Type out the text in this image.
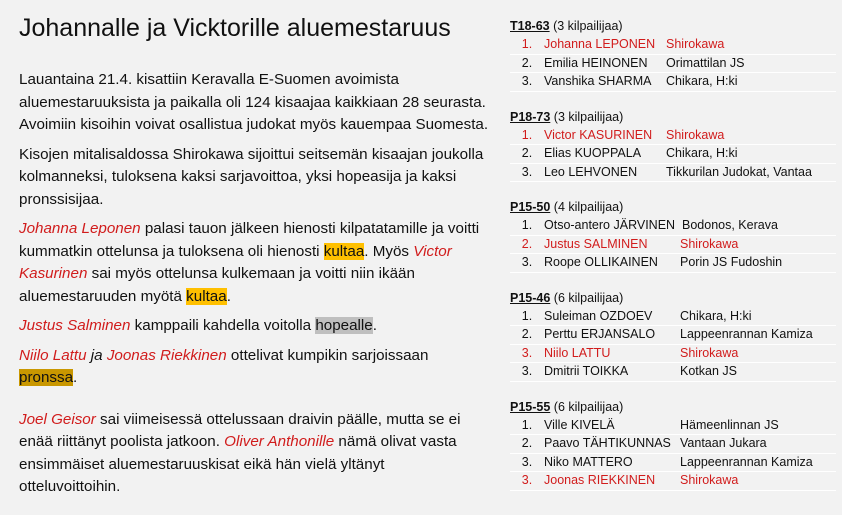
Johannalle ja Vicktorille aluemestaruus

Lauantaina 21.4. kisattiin Keravalla E-Suomen avoimista aluemestaruuksista ja paikalla oli 124 kisaajaa kaikkiaan 28 seurasta. Avoimiin kisoihin voivat osallistua judokat myös kauempaa Suomesta.

Kisojen mitalisaldossa Shirokawa sijoittui seitsemän kisaajan joukolla kolmanneksi, tuloksena kaksi sarjavoittoa, yksi hopeasija ja kaksi pronssisijaa.

Johanna Leponen palasi tauon jälkeen hienosti kilpatatamille ja voitti kummatkin ottelunsa ja tuloksena oli hienosti kultaa. Myös Victor Kasurinen sai myös ottelunsa kulkemaan ja voitti niin ikään aluemestaruuden myötä kultaa.

Justus Salminen kamppaili kahdella voitolla hopealle.

Niilo Lattu ja Joonas Riekkinen ottelivat kumpikin sarjoissaan pronssa.

Joel Geisor sai viimeisessä ottelussaan draivin päälle, mutta se ei enää riittänyt poolista jatkoon. Oliver Anthonille nämä olivat vasta ensimmäiset aluemestaruuskisat eikä hän vielä yltänyt otteluvoittoihin.

T18-63 (3 kilpailijaa)
1. Johanna LEPONEN Shirokawa
2. Emilia HEINONEN	Orimattilan JS
3. Vanshika SHARMA	Chikara, H:ki
P18-73 (3 kilpailijaa)
1. Victor KASURINEN	Shirokawa
2. Elias KUOPPALA	Chikara, H:ki
3. Leo LEHVONEN	Tikkurilan Judokat, Vantaa
P15-50 (4 kilpailijaa)
1. Otso-antero JÄRVINEN Bodonos, Kerava
2. Justus SALMINEN	Shirokawa
3. Roope OLLIKAINEN	Porin JS Fudoshin
P15-46 (6 kilpailijaa)
1. Suleiman OZDOEV	Chikara, H:ki
2. Perttu ERJANSALO	Lappeenrannan Kamiza
3. Niilo LATTU	Shirokawa
3. Dmitrii TOIKKA	Kotkan JS
P15-55 (6 kilpailijaa)
1. Ville KIVELÄ	Hämeenlinnan JS
2. Paavo TÄHTIKUNNAS Vantaan Jukara
3. Niko MATTERO	Lappeenrannan Kamiza
3. Joonas RIEKKINEN	Shirokawa
